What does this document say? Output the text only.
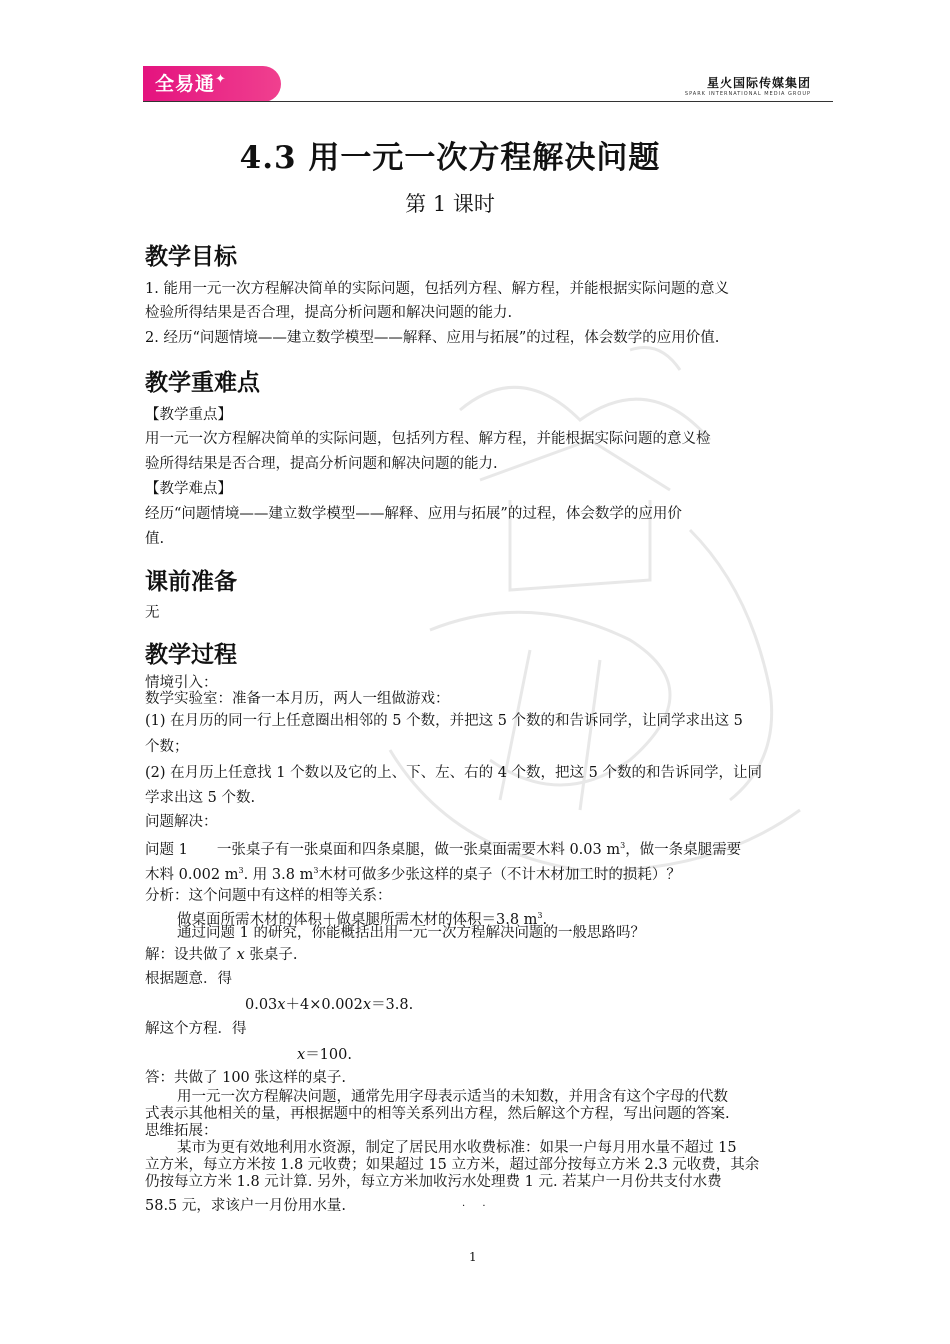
全易通✦	星火国际传媒集团
SPARK INTERNATIONAL MEDIA GROUP
4.3 用一元一次方程解决问题
第 1 课时
教学目标
1. 能用一元一次方程解决简单的实际问题，包括列方程、解方程，并能根据实际问题的意义
检验所得结果是否合理，提高分析问题和解决问题的能力.
2. 经历“问题情境——建立数学模型——解释、应用与拓展”的过程，体会数学的应用价值.
教学重难点
【教学重点】
用一元一次方程解决简单的实际问题，包括列方程、解方程，并能根据实际问题的意义检
验所得结果是否合理，提高分析问题和解决问题的能力.
【教学难点】
经历“问题情境——建立数学模型——解释、应用与拓展”的过程，体会数学的应用价
值.
课前准备
无
教学过程
情境引入：
数学实验室：准备一本月历，两人一组做游戏：
(1) 在月历的同一行上任意圈出相邻的 5 个数，并把这 5 个数的和告诉同学，让同学求出这 5
个数；
(2) 在月历上任意找 1 个数以及它的上、下、左、右的 4 个数，把这 5 个数的和告诉同学，让同
学求出这 5 个数.
问题解决：
问题 1　　一张桌子有一张桌面和四条桌腿，做一张桌面需要木料 0.03 $m^3$，做一条桌腿需要
木料 0.002 $m^3$. 用 3.8 $m^3$木材可做多少张这样的桌子（不计木材加工时的损耗）？
分析：这个问题中有这样的相等关系：
做桌面所需木材的体积＋做桌腿所需木材的体积＝3.8 $m^3$.
通过问题 1 的研究，你能概括出用一元一次方程解决问题的一般思路吗？
解：设共做了 x 张桌子.
根据题意．得
0.03x＋4×0.002x＝3.8.
解这个方程．得
x＝100.
答：共做了 100 张这样的桌子.
用一元一次方程解决问题，通常先用字母表示适当的未知数，并用含有这个字母的代数
式表示其他相关的量，再根据题中的相等关系列出方程，然后解这个方程，写出问题的答案.
思维拓展：
某市为更有效地利用水资源，制定了居民用水收费标准：如果一户每月用水量不超过 15
立方米，每立方米按 1.8 元收费；如果超过 15 立方米，超过部分按每立方米 2.3 元收费，其余
仍按每立方米 1.8 元计算. 另外，每立方米加收污水处理费 1 元. 若某户一月份共支付水费
58.5 元，求该户一月份用水量.	· ·
1
